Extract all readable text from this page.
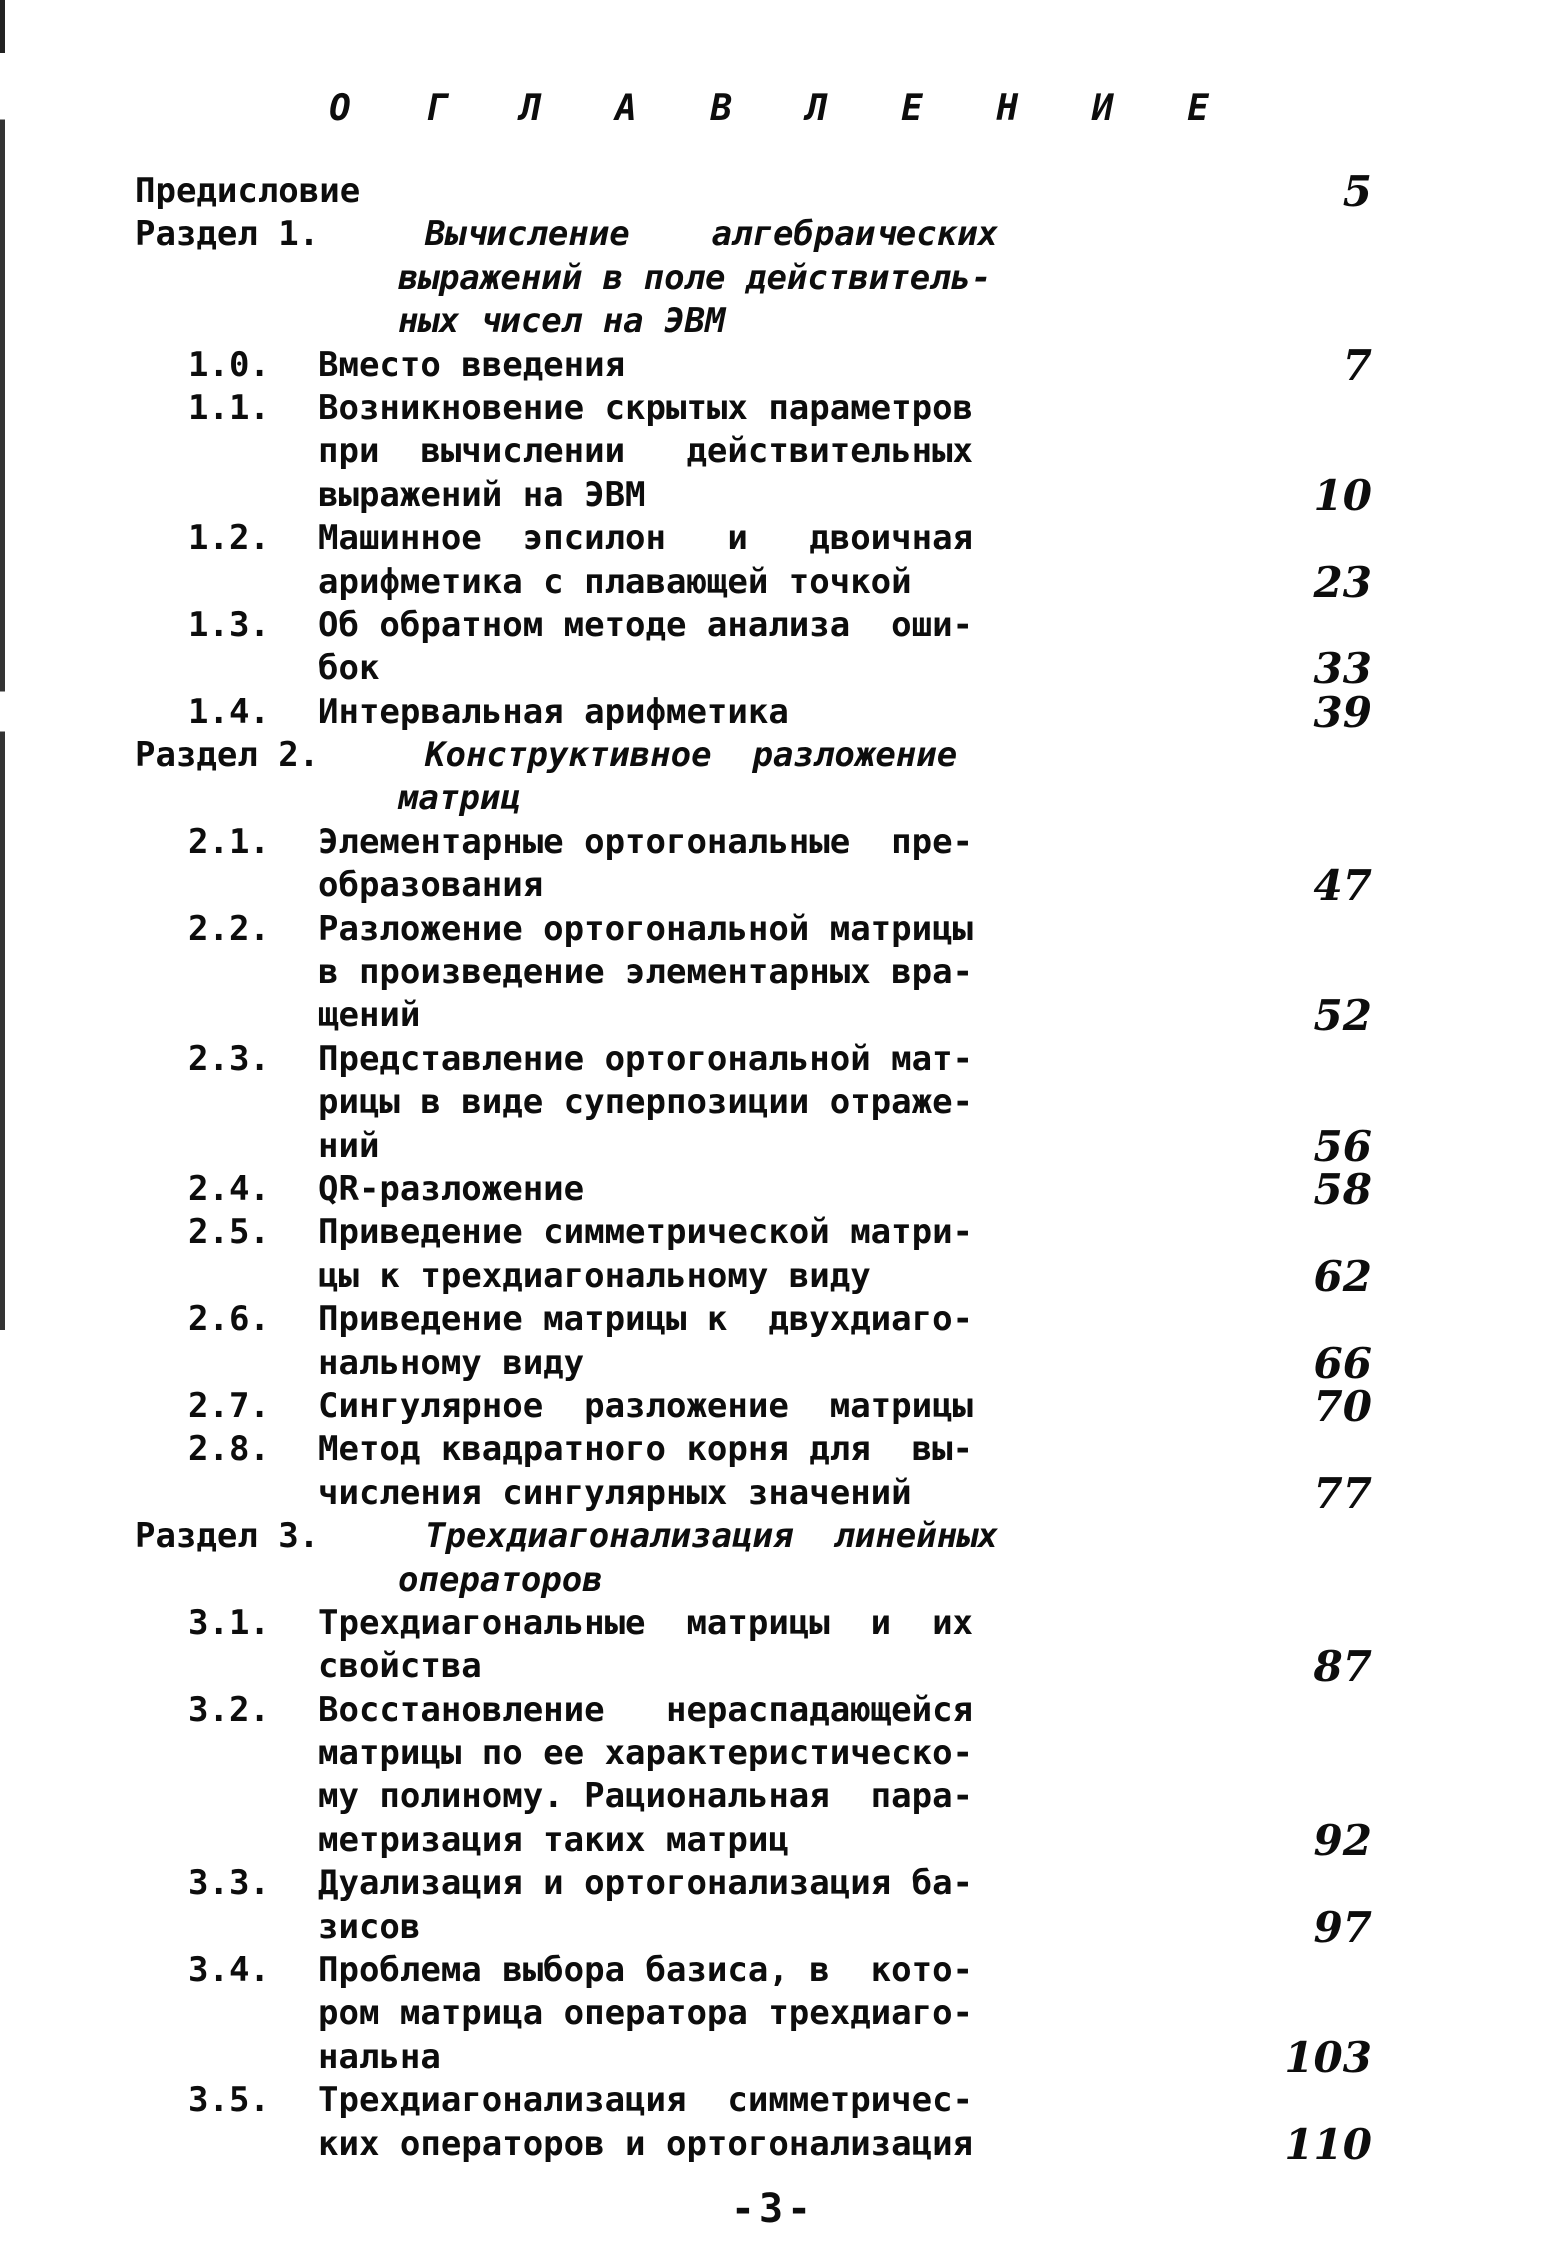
О Г Л А В Л Е Н И Е
Предисловие	5
Раздел 1.	Вычисление    алгебраических
выражений в поле действитель-
ных чисел на ЭВМ
1.0. Вместо введения	7
1.1. Возникновение скрытых параметров
при  вычислении   действительных
выражений на ЭВМ	10
1.2. Машинное  эпсилон   и   двоичная
арифметика с плавающей точкой	23
1.3. Об обратном методе анализа  оши-
бок	33
1.4. Интервальная арифметика	39
Раздел 2.	Конструктивное  разложение
матриц
2.1. Элементарные ортогональные  пре-
образования	47
2.2. Разложение ортогональной матрицы
в произведение элементарных вра-
щений	52
2.3. Представление ортогональной мат-
рицы в виде суперпозиции отраже-
ний	56
2.4. QR-разложение	58
2.5. Приведение симметрической матри-
цы к трехдиагональному виду	62
2.6. Приведение матрицы к  двухдиаго-
нальному виду	66
2.7. Сингулярное  разложение  матрицы	70
2.8. Метод квадратного корня для  вы-
числения сингулярных значений	77
Раздел 3.	Трехдиагонализация  линейных
операторов
3.1. Трехдиагональные  матрицы  и  их
свойства	87
3.2. Восстановление   нераспадающейся
матрицы по ее характеристическо-
му полиному. Рациональная  пара-
метризация таких матриц	92
3.3. Дуализация и ортогонализация ба-
зисов	97
3.4. Проблема выбора базиса, в  кото-
ром матрица оператора трехдиаго-
нальна	103
3.5. Трехдиагонализация  симметричес-
ких операторов и ортогонализация	110
-3-
